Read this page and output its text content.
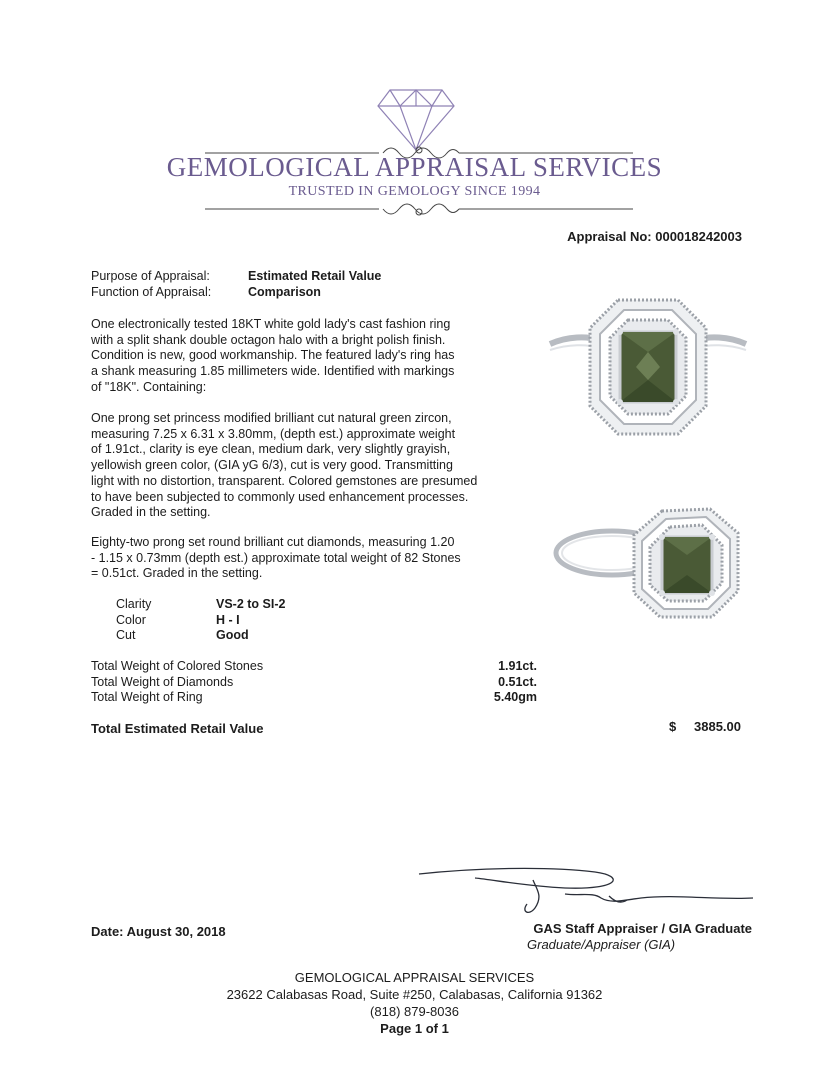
GEMOLOGICAL APPRAISAL SERVICES
TRUSTED IN GEMOLOGY SINCE 1994
Appraisal No: 000018242003
Purpose of Appraisal:	Estimated Retail Value
Function of Appraisal:	Comparison
One electronically tested 18KT white gold lady's cast fashion ring
with a split shank double octagon halo with a bright polish finish.
Condition is new, good workmanship. The featured lady's ring has
a shank measuring 1.85 millimeters wide. Identified with markings
of "18K". Containing:
One prong set princess modified brilliant cut natural green zircon,
measuring 7.25 x 6.31 x 3.80mm, (depth est.) approximate weight
of 1.91ct., clarity is eye clean, medium dark, very slightly grayish,
yellowish green color, (GIA yG 6/3), cut is very good. Transmitting
light with no distortion, transparent. Colored gemstones are presumed
to have been subjected to commonly used enhancement processes.
Graded in the setting.
Eighty-two prong set round brilliant cut diamonds, measuring 1.20
- 1.15 x 0.73mm (depth est.) approximate total weight of 82 Stones
= 0.51ct. Graded in the setting.
Clarity	VS-2 to SI-2
Color	H - I
Cut	Good
Total Weight of Colored Stones	1.91ct.
Total Weight of Diamonds	0.51ct.
Total Weight of Ring	5.40gm
Total Estimated Retail Value	$ 3885.00
Date: August 30, 2018	GAS Staff Appraiser / GIA Graduate
Graduate/Appraiser (GIA)
GEMOLOGICAL APPRAISAL SERVICES
23622 Calabasas Road, Suite #250, Calabasas, California 91362
(818) 879-8036
Page 1 of 1
